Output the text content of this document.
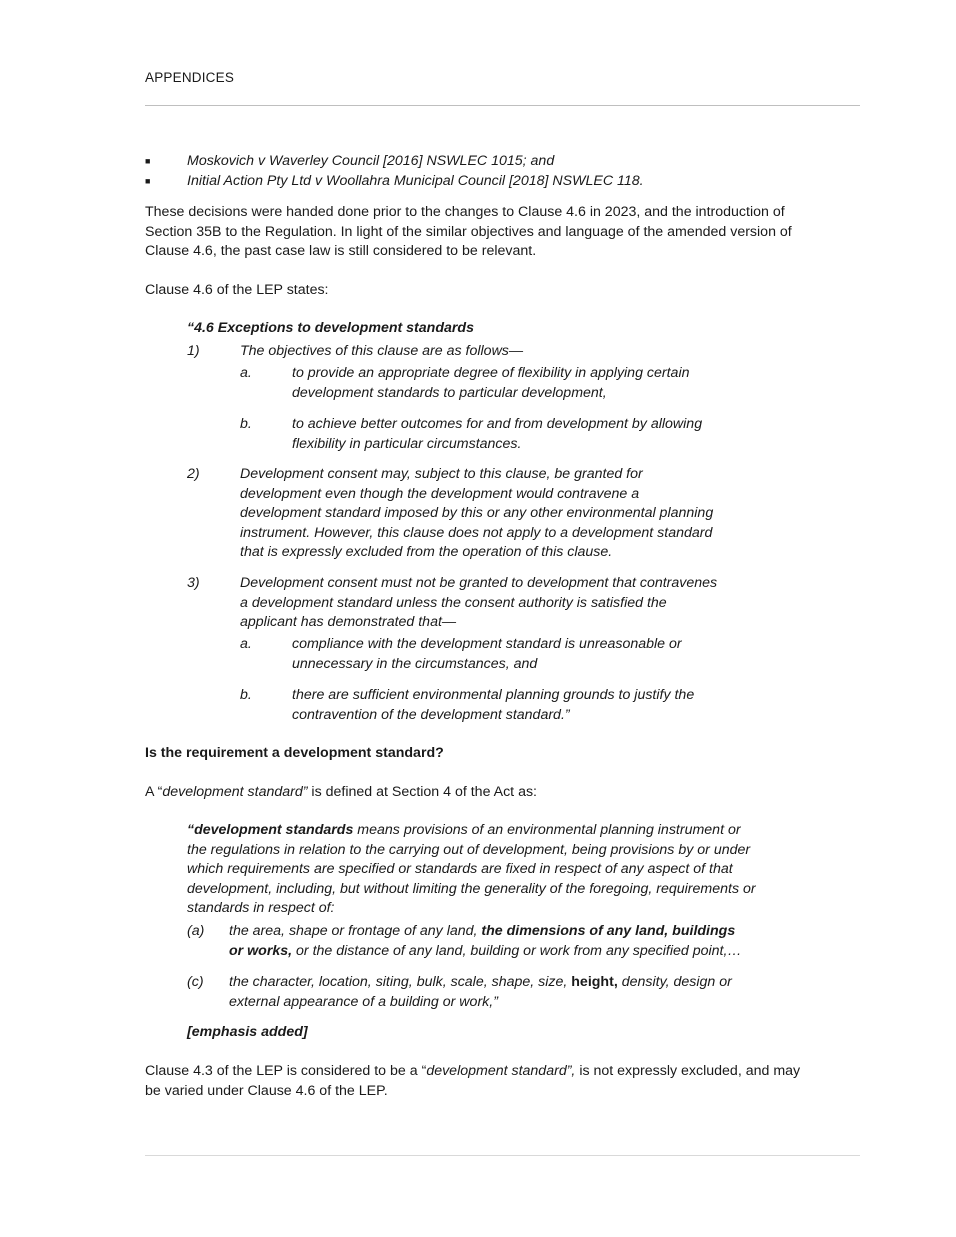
APPENDICES
■	Moskovich v Waverley Council [2016] NSWLEC 1015; and
■	Initial Action Pty Ltd v Woollahra Municipal Council [2018] NSWLEC 118.
These decisions were handed done prior to the changes to Clause 4.6 in 2023, and the introduction of
Section 35B to the Regulation. In light of the similar objectives and language of the amended version of
Clause 4.6, the past case law is still considered to be relevant.
Clause 4.6 of the LEP states:
“4.6 Exceptions to development standards
1)	The objectives of this clause are as follows—
a.	to provide an appropriate degree of flexibility in applying certain
development standards to particular development,
b.	to achieve better outcomes for and from development by allowing
flexibility in particular circumstances.
2)	Development consent may, subject to this clause, be granted for
development even though the development would contravene a
development standard imposed by this or any other environmental planning
instrument. However, this clause does not apply to a development standard
that is expressly excluded from the operation of this clause.
3)	Development consent must not be granted to development that contravenes
a development standard unless the consent authority is satisfied the
applicant has demonstrated that—
a.	compliance with the development standard is unreasonable or
unnecessary in the circumstances, and
b.	there are sufficient environmental planning grounds to justify the
contravention of the development standard.”
Is the requirement a development standard?
A “development standard” is defined at Section 4 of the Act as:
“development standards means provisions of an environmental planning instrument or
the regulations in relation to the carrying out of development, being provisions by or under
which requirements are specified or standards are fixed in respect of any aspect of that
development, including, but without limiting the generality of the foregoing, requirements or
standards in respect of:
(a) the area, shape or frontage of any land, the dimensions of any land, buildings
or works, or the distance of any land, building or work from any specified point,…
(c) the character, location, siting, bulk, scale, shape, size, height, density, design or
external appearance of a building or work,”
[emphasis added]
Clause 4.3 of the LEP is considered to be a “development standard”, is not expressly excluded, and may
be varied under Clause 4.6 of the LEP.
